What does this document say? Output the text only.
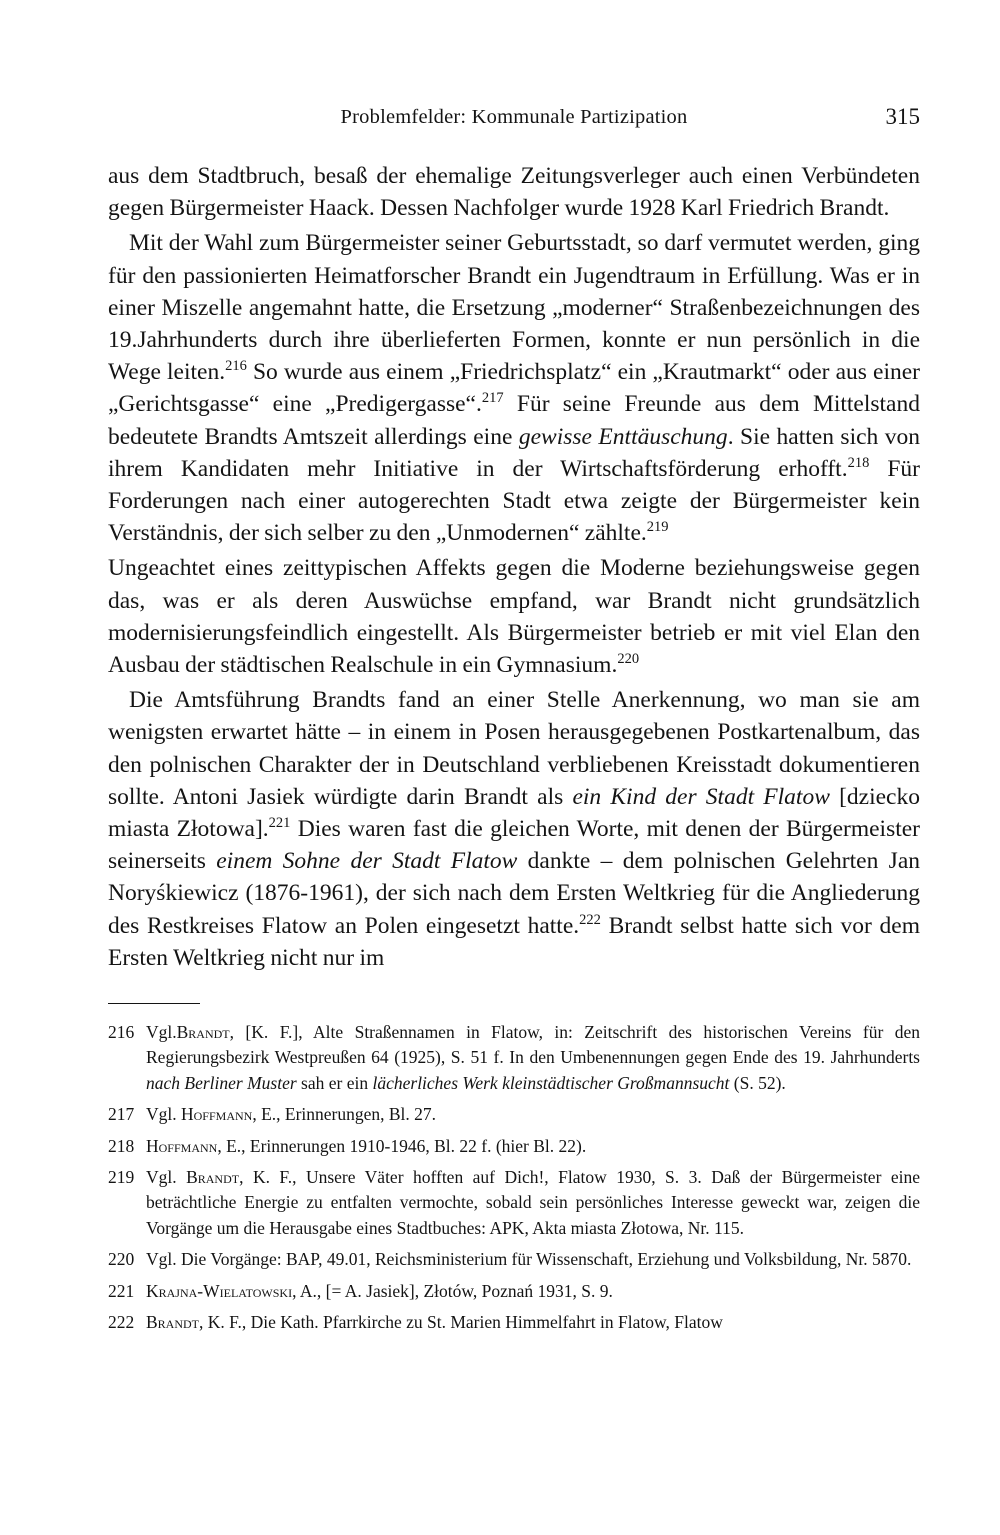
Problemfelder: Kommunale Partizipation	315

aus dem Stadtbruch, besaß der ehemalige Zeitungsverleger auch einen Verbündeten gegen Bürgermeister Haack. Dessen Nachfolger wurde 1928 Karl Friedrich Brandt.

Mit der Wahl zum Bürgermeister seiner Geburtsstadt, so darf vermutet werden, ging für den passionierten Heimatforscher Brandt ein Jugendtraum in Erfüllung. Was er in einer Miszelle angemahnt hatte, die Ersetzung „moderner“ Straßenbezeichnungen des 19.Jahrhunderts durch ihre überlieferten Formen, konnte er nun persönlich in die Wege leiten.$^{216}$ So wurde aus einem „Friedrichsplatz“ ein „Krautmarkt“ oder aus einer „Gerichtsgasse“ eine „Predigergasse“.$^{217}$ Für seine Freunde aus dem Mittelstand bedeutete Brandts Amtszeit allerdings eine gewisse Enttäuschung. Sie hatten sich von ihrem Kandidaten mehr Initiative in der Wirtschaftsförderung erhofft.$^{218}$ Für Forderungen nach einer autogerechten Stadt etwa zeigte der Bürgermeister kein Verständnis, der sich selber zu den „Unmodernen“ zählte.$^{219}$

Ungeachtet eines zeittypischen Affekts gegen die Moderne beziehungsweise gegen das, was er als deren Auswüchse empfand, war Brandt nicht grundsätzlich modernisierungsfeindlich eingestellt. Als Bürgermeister betrieb er mit viel Elan den Ausbau der städtischen Realschule in ein Gymnasium.$^{220}$

Die Amtsführung Brandts fand an einer Stelle Anerkennung, wo man sie am wenigsten erwartet hätte – in einem in Posen herausgegebenen Postkartenalbum, das den polnischen Charakter der in Deutschland verbliebenen Kreisstadt dokumentieren sollte. Antoni Jasiek würdigte darin Brandt als ein Kind der Stadt Flatow [dziecko miasta Złotowa].$^{221}$ Dies waren fast die gleichen Worte, mit denen der Bürgermeister seinerseits einem Sohne der Stadt Flatow dankte – dem polnischen Gelehrten Jan Noryśkiewicz (1876-1961), der sich nach dem Ersten Weltkrieg für die Angliederung des Restkreises Flatow an Polen eingesetzt hatte.$^{222}$ Brandt selbst hatte sich vor dem Ersten Weltkrieg nicht nur im

216 Vgl.Brandt, [K. F.], Alte Straßennamen in Flatow, in: Zeitschrift des historischen Vereins für den Regierungsbezirk Westpreußen 64 (1925), S. 51 f. In den Umbenennungen gegen Ende des 19. Jahrhunderts nach Berliner Muster sah er ein lächerliches Werk kleinstädtischer Großmannsucht (S. 52).

217 Vgl. Hoffmann, E., Erinnerungen, Bl. 27.

218 Hoffmann, E., Erinnerungen 1910-1946, Bl. 22 f. (hier Bl. 22).

219 Vgl. Brandt, K. F., Unsere Väter hofften auf Dich!, Flatow 1930, S. 3. Daß der Bürgermeister eine beträchtliche Energie zu entfalten vermochte, sobald sein persönliches Interesse geweckt war, zeigen die Vorgänge um die Herausgabe eines Stadtbuches: APK, Akta miasta Złotowa, Nr. 115.

220 Vgl. Die Vorgänge: BAP, 49.01, Reichsministerium für Wissenschaft, Erziehung und Volksbildung, Nr. 5870.

221 Krajna-Wielatowski, A., [= A. Jasiek], Złotów, Poznań 1931, S. 9.

222 Brandt, K. F., Die Kath. Pfarrkirche zu St. Marien Himmelfahrt in Flatow, Flatow
